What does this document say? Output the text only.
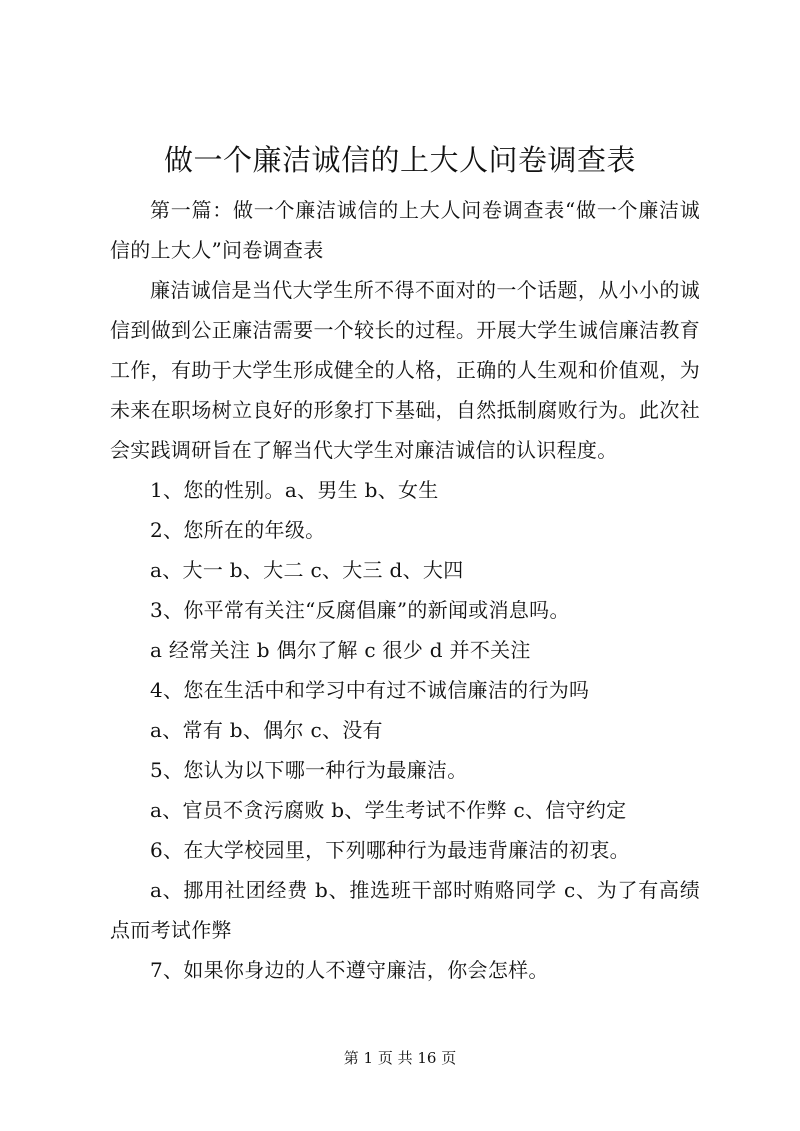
做一个廉洁诚信的上大人问卷调查表
第一篇：做一个廉洁诚信的上大人问卷调查表“做一个廉洁诚信的上大人”问卷调查表
廉洁诚信是当代大学生所不得不面对的一个话题，从小小的诚信到做到公正廉洁需要一个较长的过程。开展大学生诚信廉洁教育工作，有助于大学生形成健全的人格，正确的人生观和价值观，为未来在职场树立良好的形象打下基础，自然抵制腐败行为。此次社会实践调研旨在了解当代大学生对廉洁诚信的认识程度。
1、您的性别。a、男生 b、女生
2、您所在的年级。
a、大一 b、大二 c、大三 d、大四
3、你平常有关注“反腐倡廉”的新闻或消息吗。
a 经常关注 b 偶尔了解 c 很少 d 并不关注
4、您在生活中和学习中有过不诚信廉洁的行为吗
a、常有 b、偶尔 c、没有
5、您认为以下哪一种行为最廉洁。
a、官员不贪污腐败 b、学生考试不作弊 c、信守约定
6、在大学校园里，下列哪种行为最违背廉洁的初衷。
a、挪用社团经费 b、推选班干部时贿赂同学 c、为了有高绩点而考试作弊
7、如果你身边的人不遵守廉洁，你会怎样。
第 1 页 共 16 页
